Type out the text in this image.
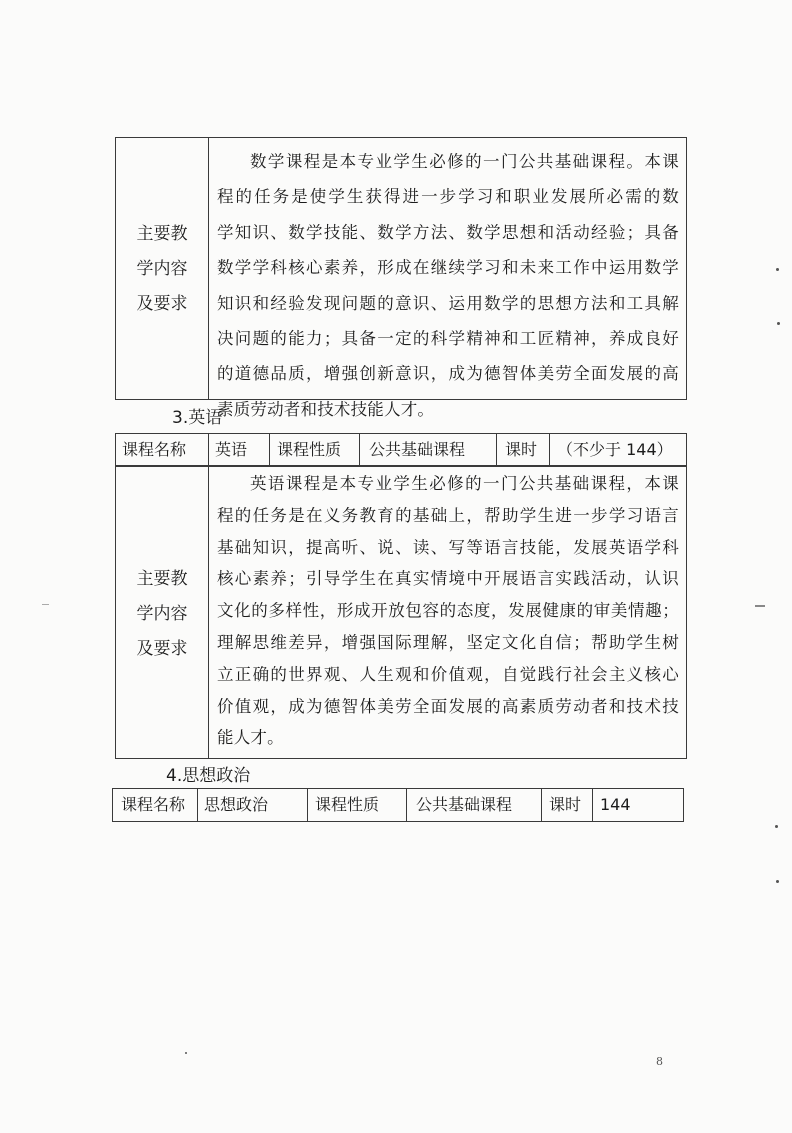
主要教
学内容
及要求
数学课程是本专业学生必修的一门公共基础课程。本课
程的任务是使学生获得进一步学习和职业发展所必需的数
学知识、数学技能、数学方法、数学思想和活动经验；具备
数学学科核心素养，形成在继续学习和未来工作中运用数学
知识和经验发现问题的意识、运用数学的思想方法和工具解
决问题的能力；具备一定的科学精神和工匠精神，养成良好
的道德品质，增强创新意识，成为德智体美劳全面发展的高
素质劳动者和技术技能人才。
3.英语
课程名称 英语 课程性质 公共基础课程 课时 （不少于 144）
主要教
学内容
及要求
英语课程是本专业学生必修的一门公共基础课程，本课
程的任务是在义务教育的基础上，帮助学生进一步学习语言
基础知识，提高听、说、读、写等语言技能，发展英语学科
核心素养；引导学生在真实情境中开展语言实践活动，认识
文化的多样性，形成开放包容的态度，发展健康的审美情趣；
理解思维差异，增强国际理解，坚定文化自信；帮助学生树
立正确的世界观、人生观和价值观，自觉践行社会主义核心
价值观，成为德智体美劳全面发展的高素质劳动者和技术技
能人才。
4.思想政治
课程名称 思想政治	课程性质 公共基础课程 课时 144
8
